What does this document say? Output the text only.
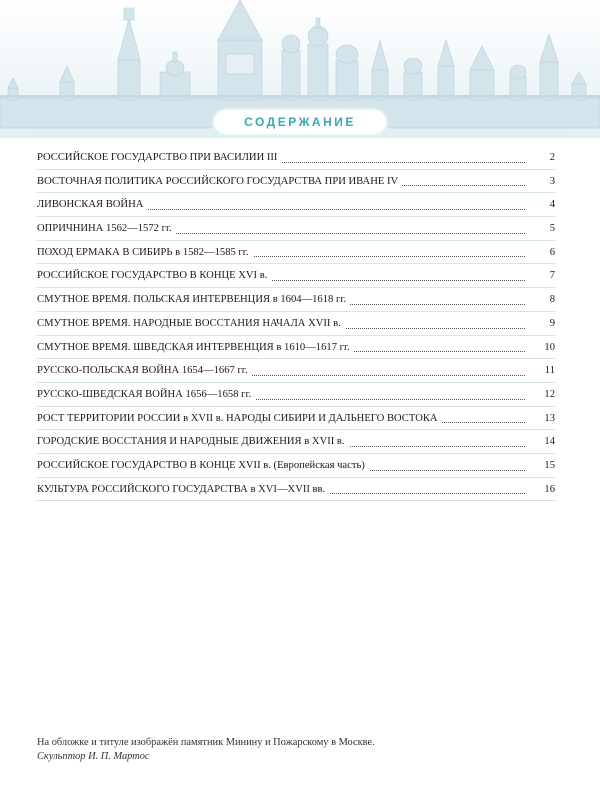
СОДЕРЖАНИЕ
РОССИЙСКОЕ ГОСУДАРСТВО ПРИ ВАСИЛИИ III	2
ВОСТОЧНАЯ ПОЛИТИКА РОССИЙСКОГО ГОСУДАРСТВА ПРИ ИВАНЕ IV	3
ЛИВОНСКАЯ ВОЙНА	4
ОПРИЧНИНА 1562—1572 гг.	5
ПОХОД ЕРМАКА В СИБИРЬ в 1582—1585 гг.	6
РОССИЙСКОЕ ГОСУДАРСТВО В КОНЦЕ XVI в.	7
СМУТНОЕ ВРЕМЯ. ПОЛЬСКАЯ ИНТЕРВЕНЦИЯ в 1604—1618 гг.	8
СМУТНОЕ ВРЕМЯ. НАРОДНЫЕ ВОССТАНИЯ НАЧАЛА XVII в.	9
СМУТНОЕ ВРЕМЯ. ШВЕДСКАЯ ИНТЕРВЕНЦИЯ в 1610—1617 гг.	10
РУССКО-ПОЛЬСКАЯ ВОЙНА 1654—1667 гг.	11
РУССКО-ШВЕДСКАЯ ВОЙНА 1656—1658 гг.	12
РОСТ ТЕРРИТОРИИ РОССИИ в XVII в. НАРОДЫ СИБИРИ И ДАЛЬНЕГО ВОСТОКА	13
ГОРОДСКИЕ ВОССТАНИЯ И НАРОДНЫЕ ДВИЖЕНИЯ в XVII в.	14
РОССИЙСКОЕ ГОСУДАРСТВО В КОНЦЕ XVII в. (Европейская часть)	15
КУЛЬТУРА РОССИЙСКОГО ГОСУДАРСТВА в XVI—XVII вв.	16
На обложке и титуле изображён памятник Минину и Пожарскому в Москве.
Скульптор И. П. Мартос
